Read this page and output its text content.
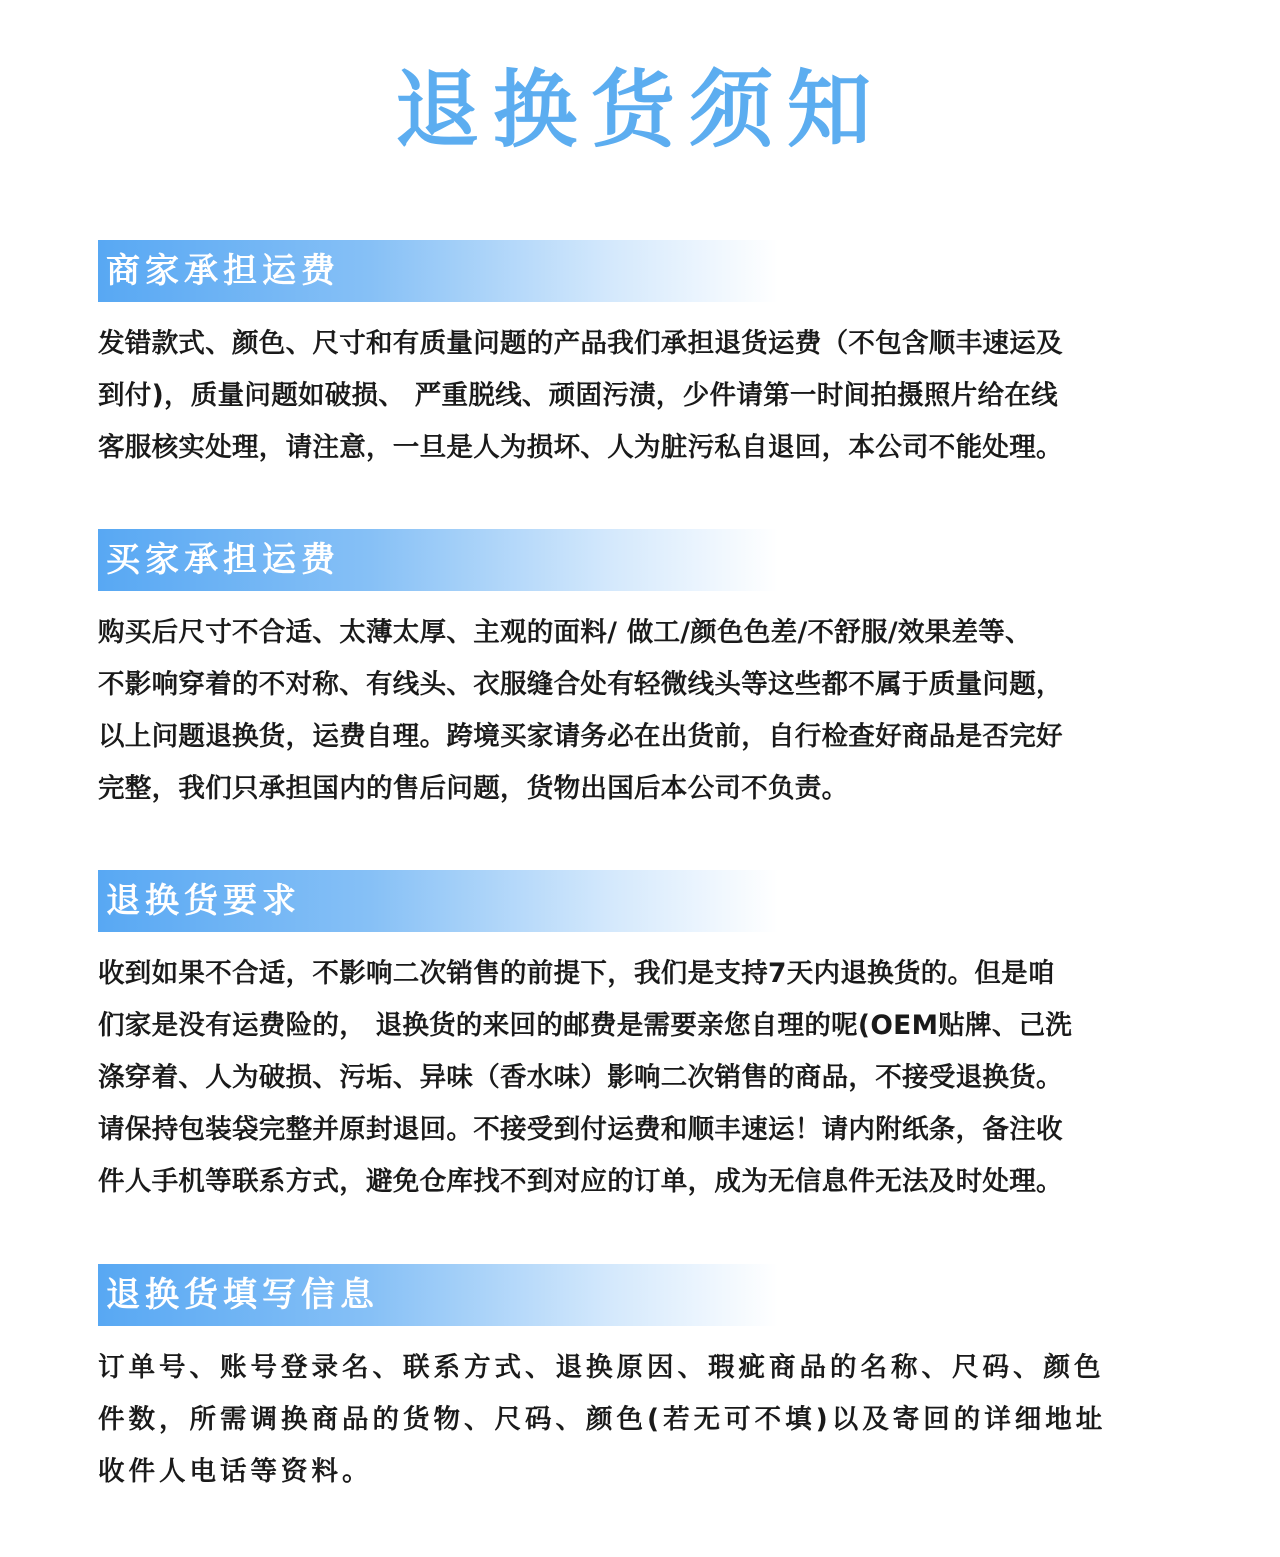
退换货须知
商家承担运费
发错款式、颜色、尺寸和有质量问题的产品我们承担退货运费（不包含顺丰速运及
到付)，质量问题如破损、 严重脱线、顽固污渍，少件请第一时间拍摄照片给在线
客服核实处理，请注意，一旦是人为损坏、人为脏污私自退回，本公司不能处理。
买家承担运费
购买后尺寸不合适、太薄太厚、主观的面料/ 做工/颜色色差/不舒服/效果差等、
不影响穿着的不对称、有线头、衣服缝合处有轻微线头等这些都不属于质量问题，
以上问题退换货，运费自理。跨境买家请务必在出货前，自行检查好商品是否完好
完整，我们只承担国内的售后问题，货物出国后本公司不负责。
退换货要求
收到如果不合适，不影响二次销售的前提下，我们是支持7天内退换货的。但是咱
们家是没有运费险的， 退换货的来回的邮费是需要亲您自理的呢(OEM贴牌、己洗
涤穿着、人为破损、污垢、异味（香水味）影响二次销售的商品，不接受退换货。
请保持包装袋完整并原封退回。不接受到付运费和顺丰速运！请内附纸条，备注收
件人手机等联系方式，避免仓库找不到对应的订单，成为无信息件无法及时处理。
退换货填写信息
订单号、账号登录名、联系方式、退换原因、瑕疵商品的名称、尺码、颜色
件数，所需调换商品的货物、尺码、颜色(若无可不填)以及寄回的详细地址
收件人电话等资料。
